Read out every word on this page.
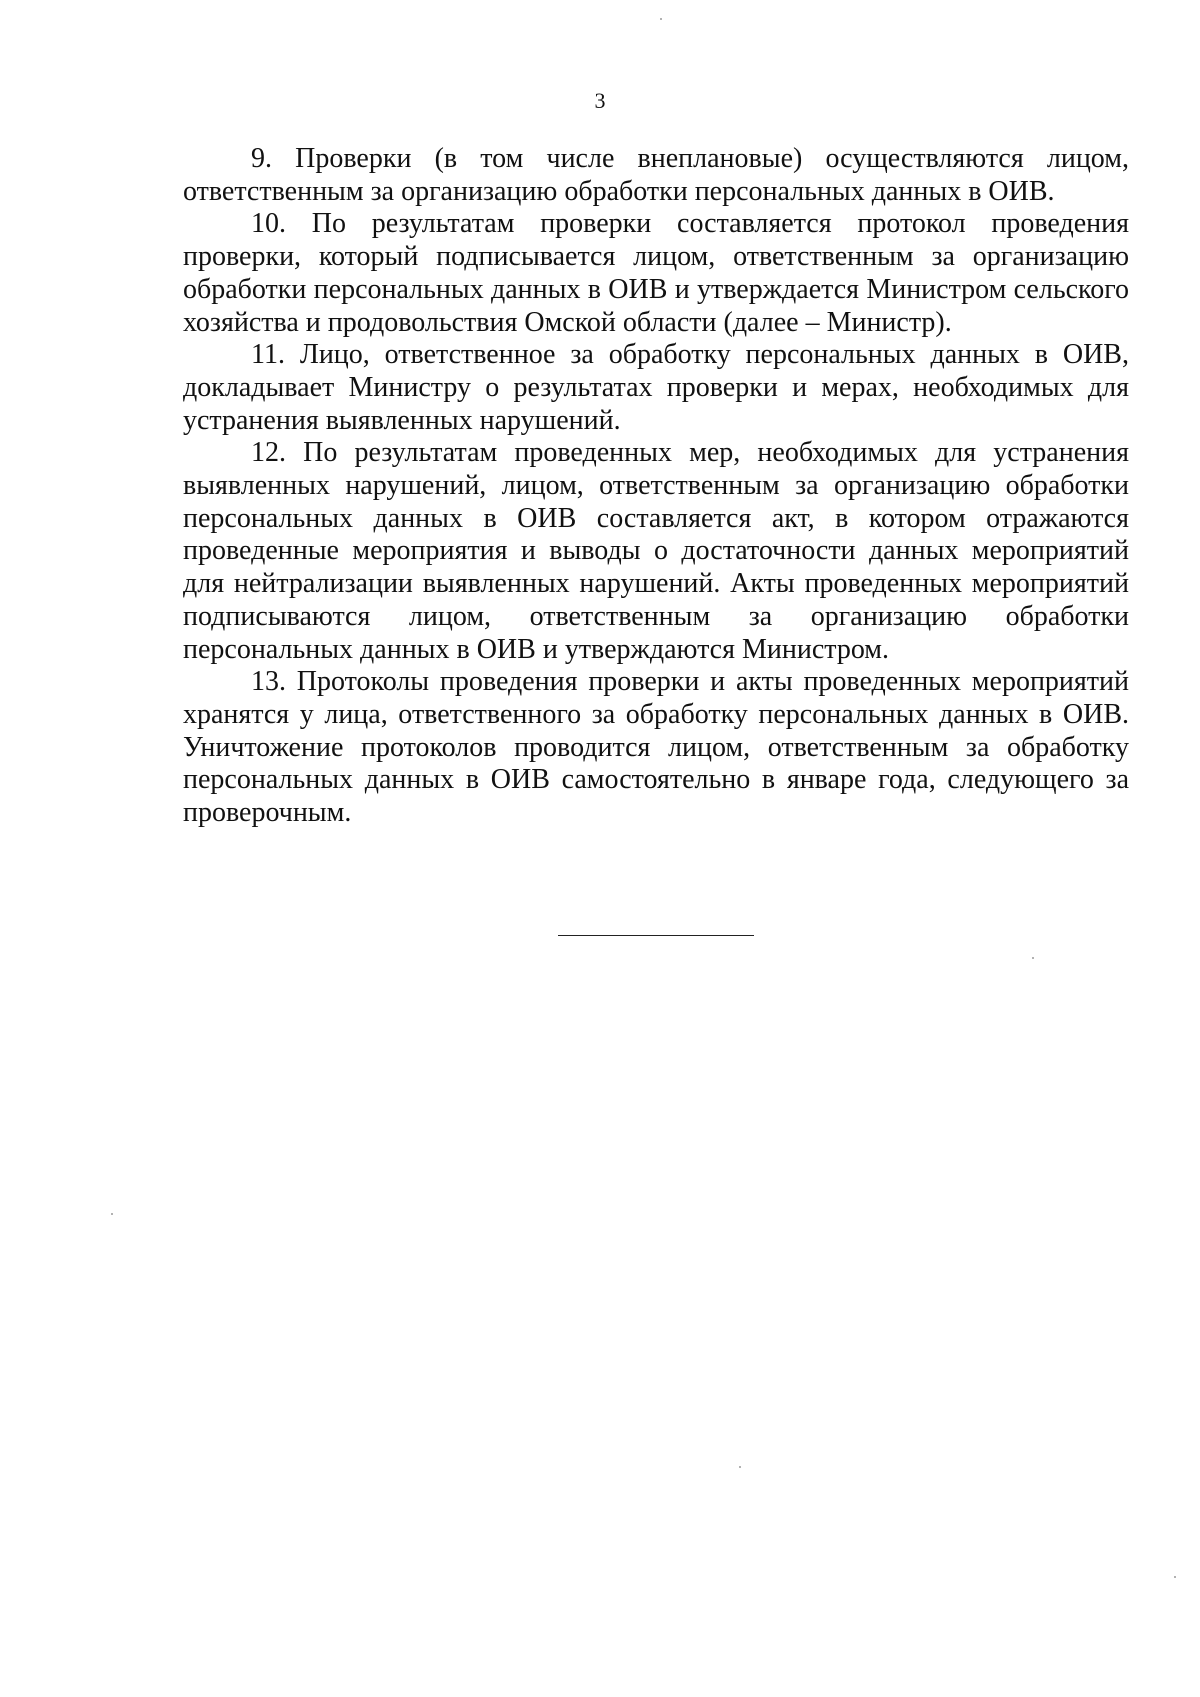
3

9. Проверки (в том числе внеплановые) осуществляются лицом, ответственным за организацию обработки персональных данных в ОИВ.

10. По результатам проверки составляется протокол проведения проверки, который подписывается лицом, ответственным за организацию обработки персональных данных в ОИВ и утверждается Министром сельского хозяйства и продовольствия Омской области (далее – Министр).

11. Лицо, ответственное за обработку персональных данных в ОИВ, докладывает Министру о результатах проверки и мерах, необходимых для устранения выявленных нарушений.

12. По результатам проведенных мер, необходимых для устранения выявленных нарушений, лицом, ответственным за организацию обработки персональных данных в ОИВ составляется акт, в котором отражаются проведенные мероприятия и выводы о достаточности данных мероприятий для нейтрализации выявленных нарушений. Акты проведенных мероприятий подписываются лицом, ответственным за организацию обработки персональных данных в ОИВ и утверждаются Министром.

13. Протоколы проведения проверки и акты проведенных мероприятий хранятся у лица, ответственного за обработку персональных данных в ОИВ. Уничтожение протоколов проводится лицом, ответственным за обработку персональных данных в ОИВ самостоятельно в январе года, следующего за проверочным.
